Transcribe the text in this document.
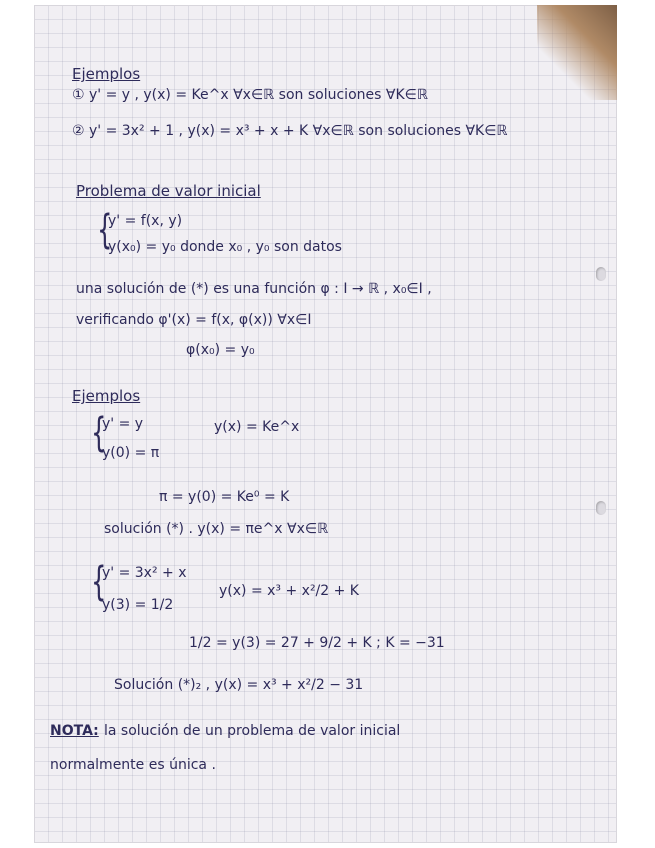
Ejemplos
① y' = y , y(x) = Ke^x ∀x∈ℝ son soluciones ∀K∈ℝ
② y' = 3x² + 1 , y(x) = x³ + x + K ∀x∈ℝ son soluciones ∀K∈ℝ
Problema de valor inicial
{
y' = f(x, y)
y(x₀) = y₀ donde x₀ , y₀ son datos
una solución de (*) es una función φ : I → ℝ , x₀∈I ,
verificando φ'(x) = f(x, φ(x)) ∀x∈I
φ(x₀) = y₀
Ejemplos
{
y' = y
y(0) = π
y(x) = Ke^x
π = y(0) = Ke⁰ = K
solución (*) . y(x) = πe^x ∀x∈ℝ
{
y' = 3x² + x
y(3) = 1/2
y(x) = x³ + x²/2 + K
1/2 = y(3) = 27 + 9/2 + K ; K = −31
Solución (*)₂ , y(x) = x³ + x²/2 − 31
NOTA: la solución de un problema de valor inicial
normalmente es única .
